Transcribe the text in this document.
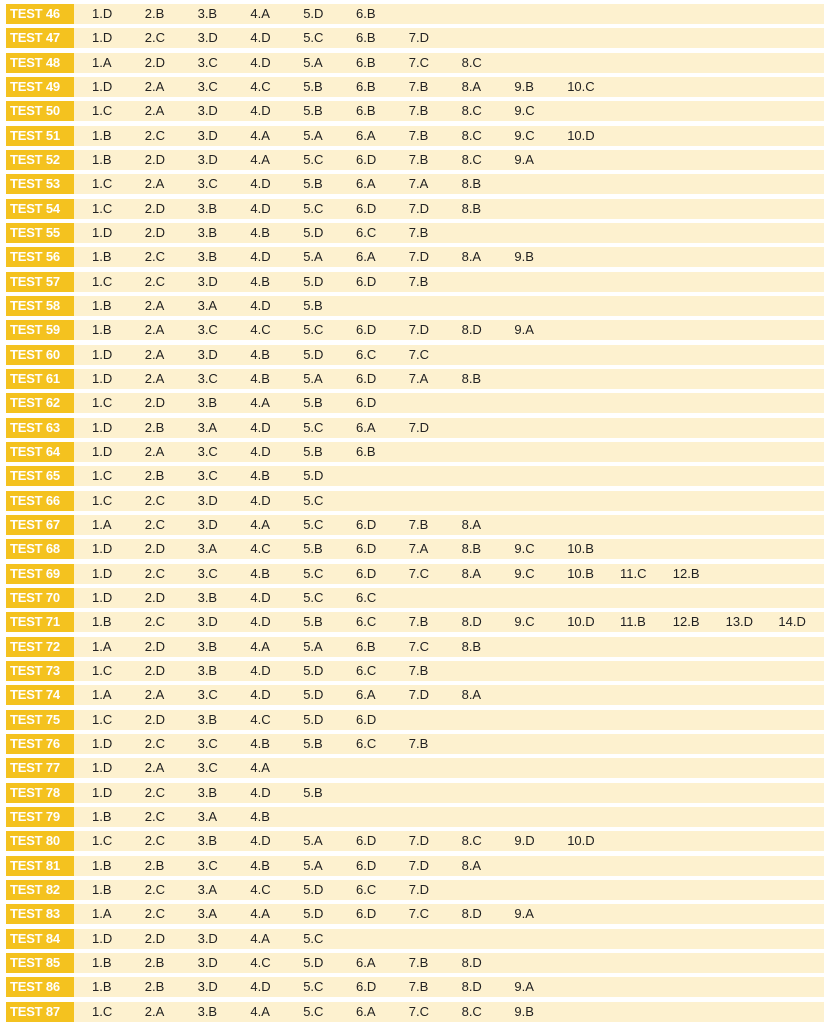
TEST 46	1.D	2.B	3.B	4.A	5.D	6.B
TEST 47	1.D	2.C	3.D	4.D	5.C	6.B	7.D
TEST 48	1.A	2.D	3.C	4.D	5.A	6.B	7.C	8.C
TEST 49	1.D	2.A	3.C	4.C	5.B	6.B	7.B	8.A	9.B	10.C
TEST 50	1.C	2.A	3.D	4.D	5.B	6.B	7.B	8.C	9.C
TEST 51	1.B	2.C	3.D	4.A	5.A	6.A	7.B	8.C	9.C	10.D
TEST 52	1.B	2.D	3.D	4.A	5.C	6.D	7.B	8.C	9.A
TEST 53	1.C	2.A	3.C	4.D	5.B	6.A	7.A	8.B
TEST 54	1.C	2.D	3.B	4.D	5.C	6.D	7.D	8.B
TEST 55	1.D	2.D	3.B	4.B	5.D	6.C	7.B
TEST 56	1.B	2.C	3.B	4.D	5.A	6.A	7.D	8.A	9.B
TEST 57	1.C	2.C	3.D	4.B	5.D	6.D	7.B
TEST 58	1.B	2.A	3.A	4.D	5.B
TEST 59	1.B	2.A	3.C	4.C	5.C	6.D	7.D	8.D	9.A
TEST 60	1.D	2.A	3.D	4.B	5.D	6.C	7.C
TEST 61	1.D	2.A	3.C	4.B	5.A	6.D	7.A	8.B
TEST 62	1.C	2.D	3.B	4.A	5.B	6.D
TEST 63	1.D	2.B	3.A	4.D	5.C	6.A	7.D
TEST 64	1.D	2.A	3.C	4.D	5.B	6.B
TEST 65	1.C	2.B	3.C	4.B	5.D
TEST 66	1.C	2.C	3.D	4.D	5.C
TEST 67	1.A	2.C	3.D	4.A	5.C	6.D	7.B	8.A
TEST 68	1.D	2.D	3.A	4.C	5.B	6.D	7.A	8.B	9.C	10.B
TEST 69	1.D	2.C	3.C	4.B	5.C	6.D	7.C	8.A	9.C	10.B 11.C 12.B
TEST 70	1.D	2.D	3.B	4.D	5.C	6.C
TEST 71	1.B	2.C	3.D	4.D	5.B	6.C	7.B	8.D	9.C	10.D 11.B 12.B 13.D 14.D
TEST 72	1.A	2.D	3.B	4.A	5.A	6.B	7.C	8.B
TEST 73	1.C	2.D	3.B	4.D	5.D	6.C	7.B
TEST 74	1.A	2.A	3.C	4.D	5.D	6.A	7.D	8.A
TEST 75	1.C	2.D	3.B	4.C	5.D	6.D
TEST 76	1.D	2.C	3.C	4.B	5.B	6.C	7.B
TEST 77	1.D	2.A	3.C	4.A
TEST 78	1.D	2.C	3.B	4.D	5.B
TEST 79	1.B	2.C	3.A	4.B
TEST 80	1.C	2.C	3.B	4.D	5.A	6.D	7.D	8.C	9.D	10.D
TEST 81	1.B	2.B	3.C	4.B	5.A	6.D	7.D	8.A
TEST 82	1.B	2.C	3.A	4.C	5.D	6.C	7.D
TEST 83	1.A	2.C	3.A	4.A	5.D	6.D	7.C	8.D	9.A
TEST 84	1.D	2.D	3.D	4.A	5.C
TEST 85	1.B	2.B	3.D	4.C	5.D	6.A	7.B	8.D
TEST 86	1.B	2.B	3.D	4.D	5.C	6.D	7.B	8.D	9.A
TEST 87	1.C	2.A	3.B	4.A	5.C	6.A	7.C	8.C	9.B
